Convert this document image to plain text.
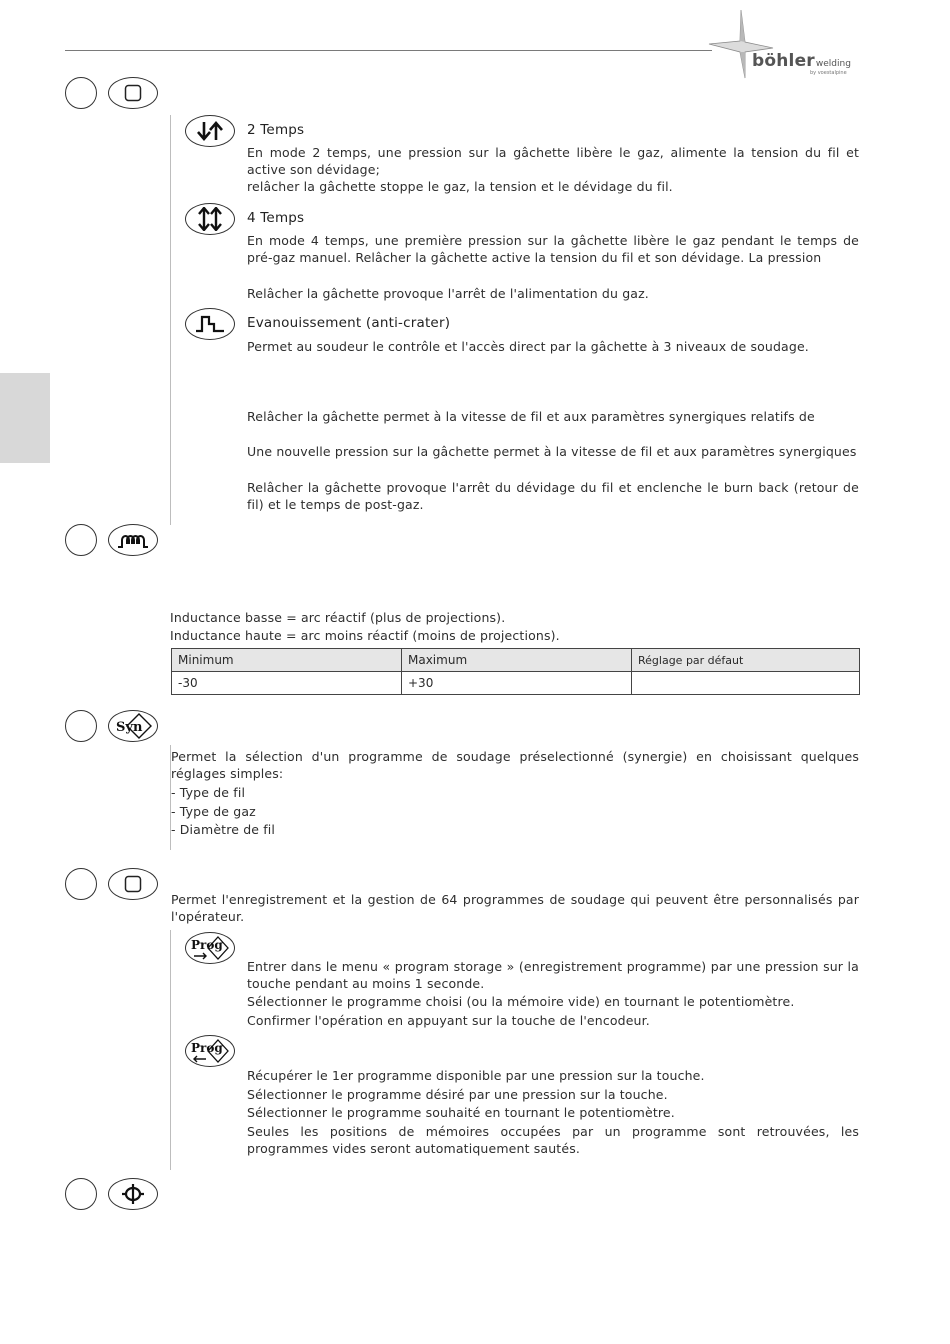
böhlerwelding
by voestalpine
2 Temps
En mode 2 temps, une pression sur la gâchette libère le gaz, alimente la tension du fil et active son dévidage;
relâcher la gâchette stoppe le gaz, la tension et le dévidage du fil.
4 Temps
En mode 4 temps, une première pression sur la gâchette libère le gaz pendant le temps de pré-gaz manuel. Relâcher la gâchette active la tension du fil et son dévidage. La pression
Relâcher la gâchette provoque l'arrêt de l'alimentation du gaz.
Evanouissement (anti-crater)
Permet au soudeur le contrôle et l'accès direct par la gâchette à 3 niveaux de soudage.
Relâcher la gâchette permet à la vitesse de fil et aux paramètres synergiques relatifs de
Une nouvelle pression sur la gâchette permet à la vitesse de fil et aux paramètres synergiques
Relâcher la gâchette provoque l'arrêt du dévidage du fil et enclenche le burn back (retour de fil) et le temps de post-gaz.
Inductance basse = arc réactif (plus de projections).
Inductance haute = arc moins réactif (moins de projections).
Minimum	Maximum	Réglage par défaut
-30	+30	
Syn
Permet la sélection d'un programme de soudage préselectionné (synergie) en choisissant quelques réglages simples:
- Type de fil
- Type de gaz
- Diamètre de fil
Permet l'enregistrement et la gestion de 64 programmes de soudage qui peuvent être personnalisés par l'opérateur.
Prog
Entrer dans le menu « program storage » (enregistrement programme) par une pression sur la touche pendant au moins 1 seconde.
Sélectionner le programme choisi (ou la mémoire vide) en tournant le potentiomètre.
Confirmer l'opération en appuyant sur la touche de l'encodeur.
Prog
Récupérer le 1er programme disponible par une pression sur la touche.
Sélectionner le programme désiré par une pression sur la touche.
Sélectionner le programme souhaité en tournant le potentiomètre.
Seules les positions de mémoires occupées par un programme sont retrouvées, les programmes vides seront automatiquement sautés.
